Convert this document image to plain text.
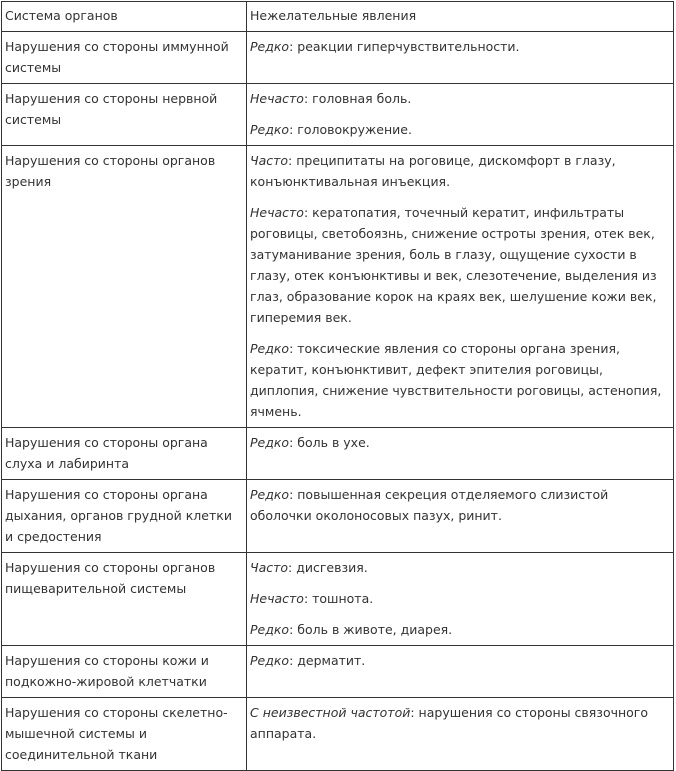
Система органов	Нежелательные явления
Нарушения со стороны иммунной системы	Редко: реакции гиперчувствительности.

Нарушения со стороны нервной системы	Нечасто: головная боль.

Редко: головокружение.

Нарушения со стороны органов зрения	Часто: преципитаты на роговице, дискомфорт в глазу, конъюнктивальная инъекция.

Нечасто: кератопатия, точечный кератит, инфильтраты роговицы, светобоязнь, снижение остроты зрения, отек век, затуманивание зрения, боль в глазу, ощущение сухости в глазу, отек конъюнктивы и век, слезотечение, выделения из глаз, образование корок на краях век, шелушение кожи век, гиперемия век.

Редко: токсические явления со стороны органа зрения, кератит, конъюнктивит, дефект эпителия роговицы, диплопия, снижение чувствительности роговицы, астенопия, ячмень.

Нарушения со стороны органа слуха и лабиринта	Редко: боль в ухе.

Нарушения со стороны органа дыхания, органов грудной клетки и средостения	Редко: повышенная секреция отделяемого слизистой оболочки околоносовых пазух, ринит.

Нарушения со стороны органов пищеварительной системы	Часто: дисгевзия.

Нечасто: тошнота.

Редко: боль в животе, диарея.

Нарушения со стороны кожи и подкожно-жировой клетчатки	Редко: дерматит.

Нарушения со стороны скелетно-мышечной системы и соединительной ткани	С неизвестной частотой: нарушения со стороны связочного аппарата.
